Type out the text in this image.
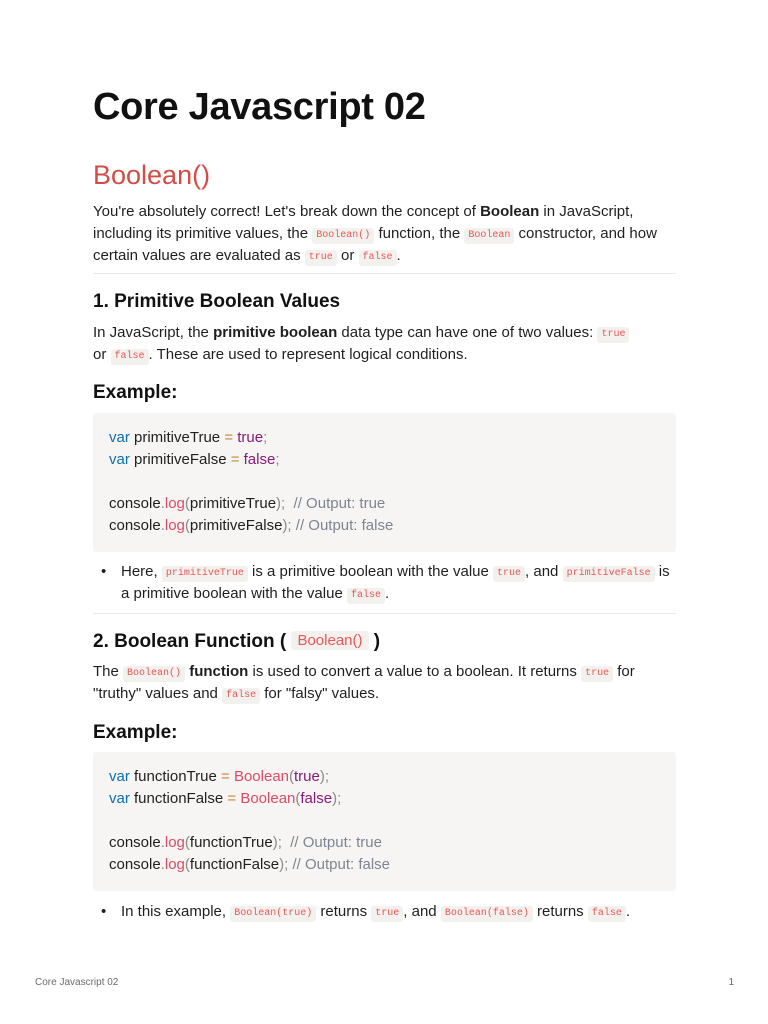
Core Javascript 02
Boolean()

You're absolutely correct! Let's break down the concept of Boolean in JavaScript, including its primitive values, the Boolean() function, the Boolean constructor, and how certain values are evaluated as true or false .

1. Primitive Boolean Values

In JavaScript, the primitive boolean data type can have one of two values: true
or false . These are used to represent logical conditions.

Example:
var primitiveTrue = true;
var primitiveFalse = false;
console.log(primitiveTrue);  // Output: true
console.log(primitiveFalse); // Output: false
• Here, primitiveTrue is a primitive boolean with the value true , and primitiveFalse is
a primitive boolean with the value false .
2. Boolean Function ( Boolean() )

The Boolean() function is used to convert a value to a boolean. It returns true for
"truthy" values and false for "falsy" values.

Example:
var functionTrue = Boolean(true);
var functionFalse = Boolean(false);
console.log(functionTrue);  // Output: true
console.log(functionFalse); // Output: false
• In this example, Boolean(true) returns true , and Boolean(false) returns false .
Core Javascript 02	1
